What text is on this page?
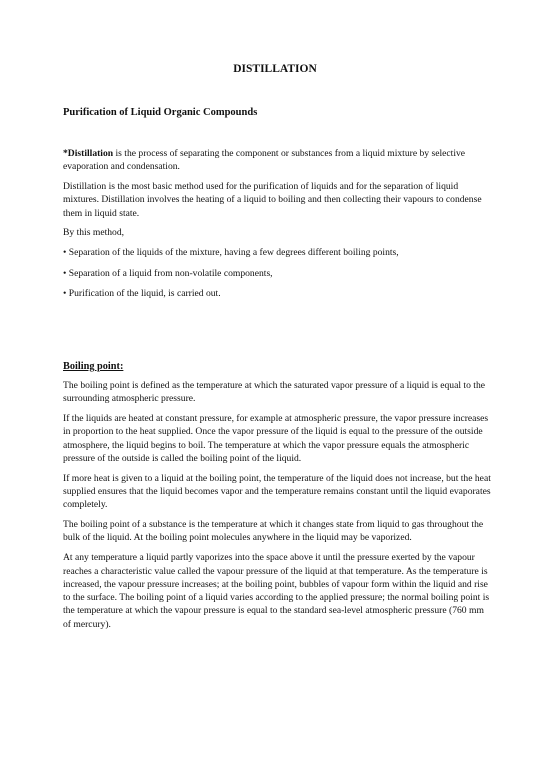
DISTILLATION
Purification of Liquid Organic Compounds

*Distillation is the process of separating the component or substances from a liquid mixture by selective evaporation and condensation.

Distillation is the most basic method used for the purification of liquids and for the separation of liquid mixtures. Distillation involves the heating of a liquid to boiling and then collecting their vapours to condense them in liquid state.

By this method,

• Separation of the liquids of the mixture, having a few degrees different boiling points,

• Separation of a liquid from non-volatile components,

• Purification of the liquid, is carried out.

Boiling point:

The boiling point is defined as the temperature at which the saturated vapor pressure of a liquid is equal to the surrounding atmospheric pressure.

If the liquids are heated at constant pressure, for example at atmospheric pressure, the vapor pressure increases in proportion to the heat supplied. Once the vapor pressure of the liquid is equal to the pressure of the outside atmosphere, the liquid begins to boil. The temperature at which the vapor pressure equals the atmospheric pressure of the outside is called the boiling point of the liquid.

If more heat is given to a liquid at the boiling point, the temperature of the liquid does not increase, but the heat supplied ensures that the liquid becomes vapor and the temperature remains constant until the liquid evaporates completely.

The boiling point of a substance is the temperature at which it changes state from liquid to gas throughout the bulk of the liquid. At the boiling point molecules anywhere in the liquid may be vaporized.

At any temperature a liquid partly vaporizes into the space above it until the pressure exerted by the vapour reaches a characteristic value called the vapour pressure of the liquid at that temperature. As the temperature is increased, the vapour pressure increases; at the boiling point, bubbles of vapour form within the liquid and rise to the surface. The boiling point of a liquid varies according to the applied pressure; the normal boiling point is the temperature at which the vapour pressure is equal to the standard sea-level atmospheric pressure (760 mm of mercury).
